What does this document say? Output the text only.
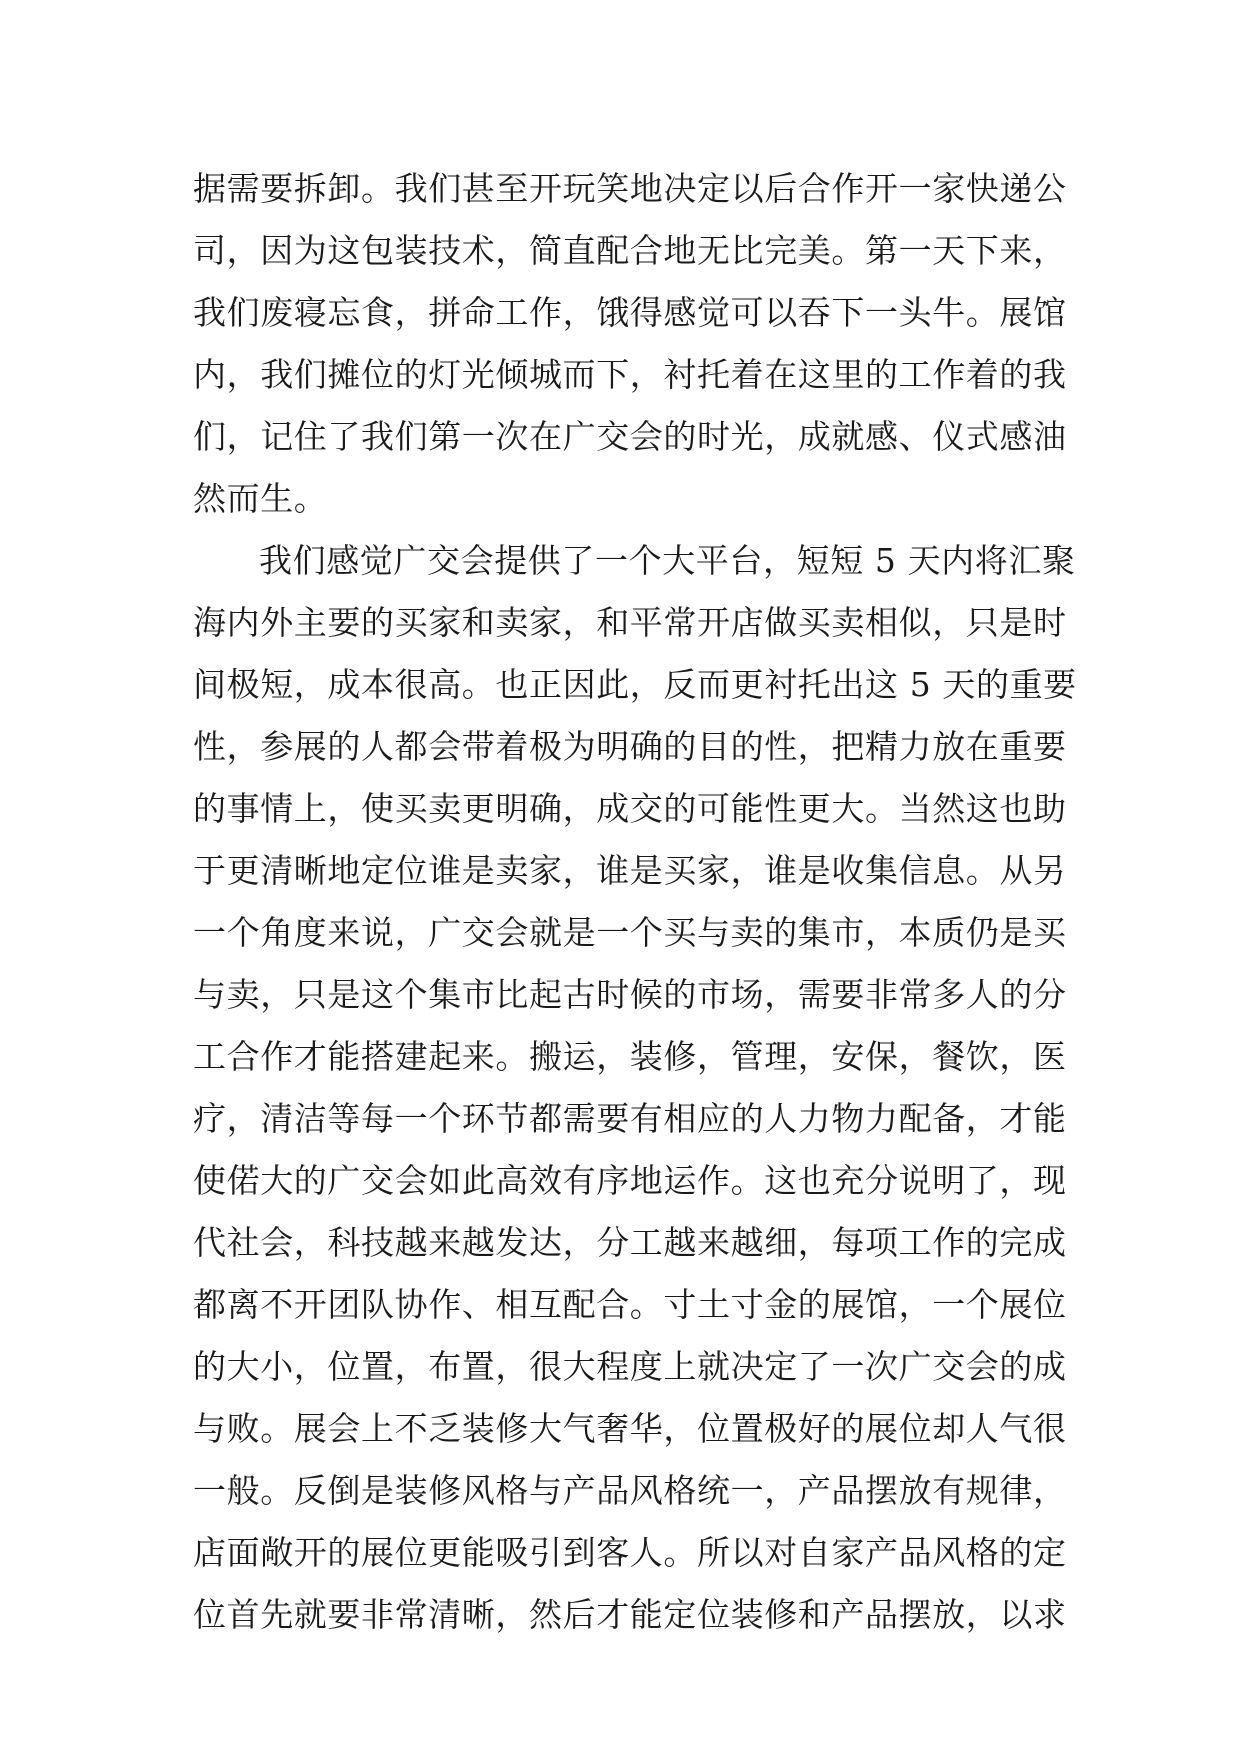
据需要拆卸。我们甚至开玩笑地决定以后合作开一家快递公
司，因为这包装技术，简直配合地无比完美。第一天下来，
我们废寝忘食，拼命工作，饿得感觉可以吞下一头牛。展馆
内，我们摊位的灯光倾城而下，衬托着在这里的工作着的我
们，记住了我们第一次在广交会的时光，成就感、仪式感油
然而生。
我们感觉广交会提供了一个大平台，短短 5 天内将汇聚
海内外主要的买家和卖家，和平常开店做买卖相似，只是时
间极短，成本很高。也正因此，反而更衬托出这 5 天的重要
性，参展的人都会带着极为明确的目的性，把精力放在重要
的事情上，使买卖更明确，成交的可能性更大。当然这也助
于更清晰地定位谁是卖家，谁是买家，谁是收集信息。从另
一个角度来说，广交会就是一个买与卖的集市，本质仍是买
与卖，只是这个集市比起古时候的市场，需要非常多人的分
工合作才能搭建起来。搬运，装修，管理，安保，餐饮，医
疗，清洁等每一个环节都需要有相应的人力物力配备，才能
使偌大的广交会如此高效有序地运作。这也充分说明了，现
代社会，科技越来越发达，分工越来越细，每项工作的完成
都离不开团队协作、相互配合。寸土寸金的展馆，一个展位
的大小，位置，布置，很大程度上就决定了一次广交会的成
与败。展会上不乏装修大气奢华，位置极好的展位却人气很
一般。反倒是装修风格与产品风格统一，产品摆放有规律，
店面敞开的展位更能吸引到客人。所以对自家产品风格的定
位首先就要非常清晰，然后才能定位装修和产品摆放，以求
